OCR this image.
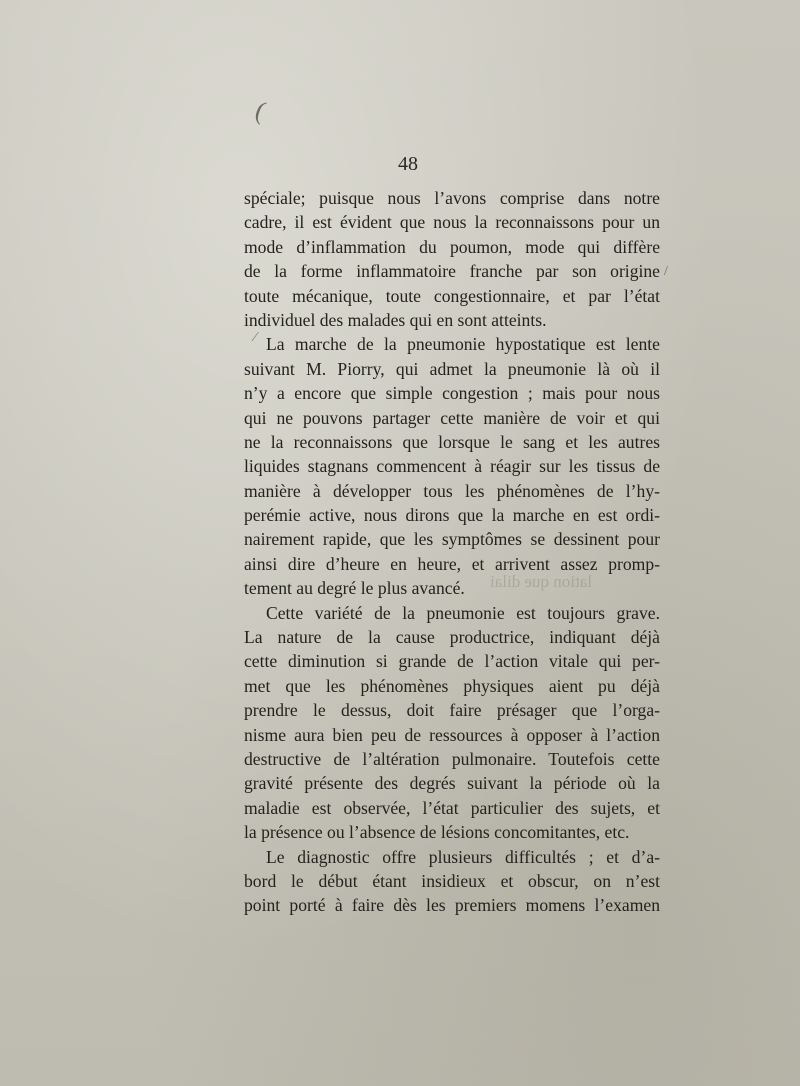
(
⁄
/
lation que dilai
48
spéciale; puisque nous l’avons comprise dans notre
cadre, il est évident que nous la reconnaissons pour un
mode d’inflammation du poumon, mode qui diffère
de la forme inflammatoire franche par son origine
toute mécanique, toute congestionnaire, et par l’état
individuel des malades qui en sont atteints.
La marche de la pneumonie hypostatique est lente
suivant M. Piorry, qui admet la pneumonie là où il
n’y a encore que simple congestion ; mais pour nous
qui ne pouvons partager cette manière de voir et qui
ne la reconnaissons que lorsque le sang et les autres
liquides stagnans commencent à réagir sur les tissus de
manière à développer tous les phénomènes de l’hy-
perémie active, nous dirons que la marche en est ordi-
nairement rapide, que les symptômes se dessinent pour
ainsi dire d’heure en heure, et arrivent assez promp-
tement au degré le plus avancé.
Cette variété de la pneumonie est toujours grave.
La nature de la cause productrice, indiquant déjà
cette diminution si grande de l’action vitale qui per-
met que les phénomènes physiques aient pu déjà
prendre le dessus, doit faire présager que l’orga-
nisme aura bien peu de ressources à opposer à l’action
destructive de l’altération pulmonaire. Toutefois cette
gravité présente des degrés suivant la période où la
maladie est observée, l’état particulier des sujets, et
la présence ou l’absence de lésions concomitantes, etc.
Le diagnostic offre plusieurs difficultés ; et d’a-
bord le début étant insidieux et obscur, on n’est
point porté à faire dès les premiers momens l’examen
